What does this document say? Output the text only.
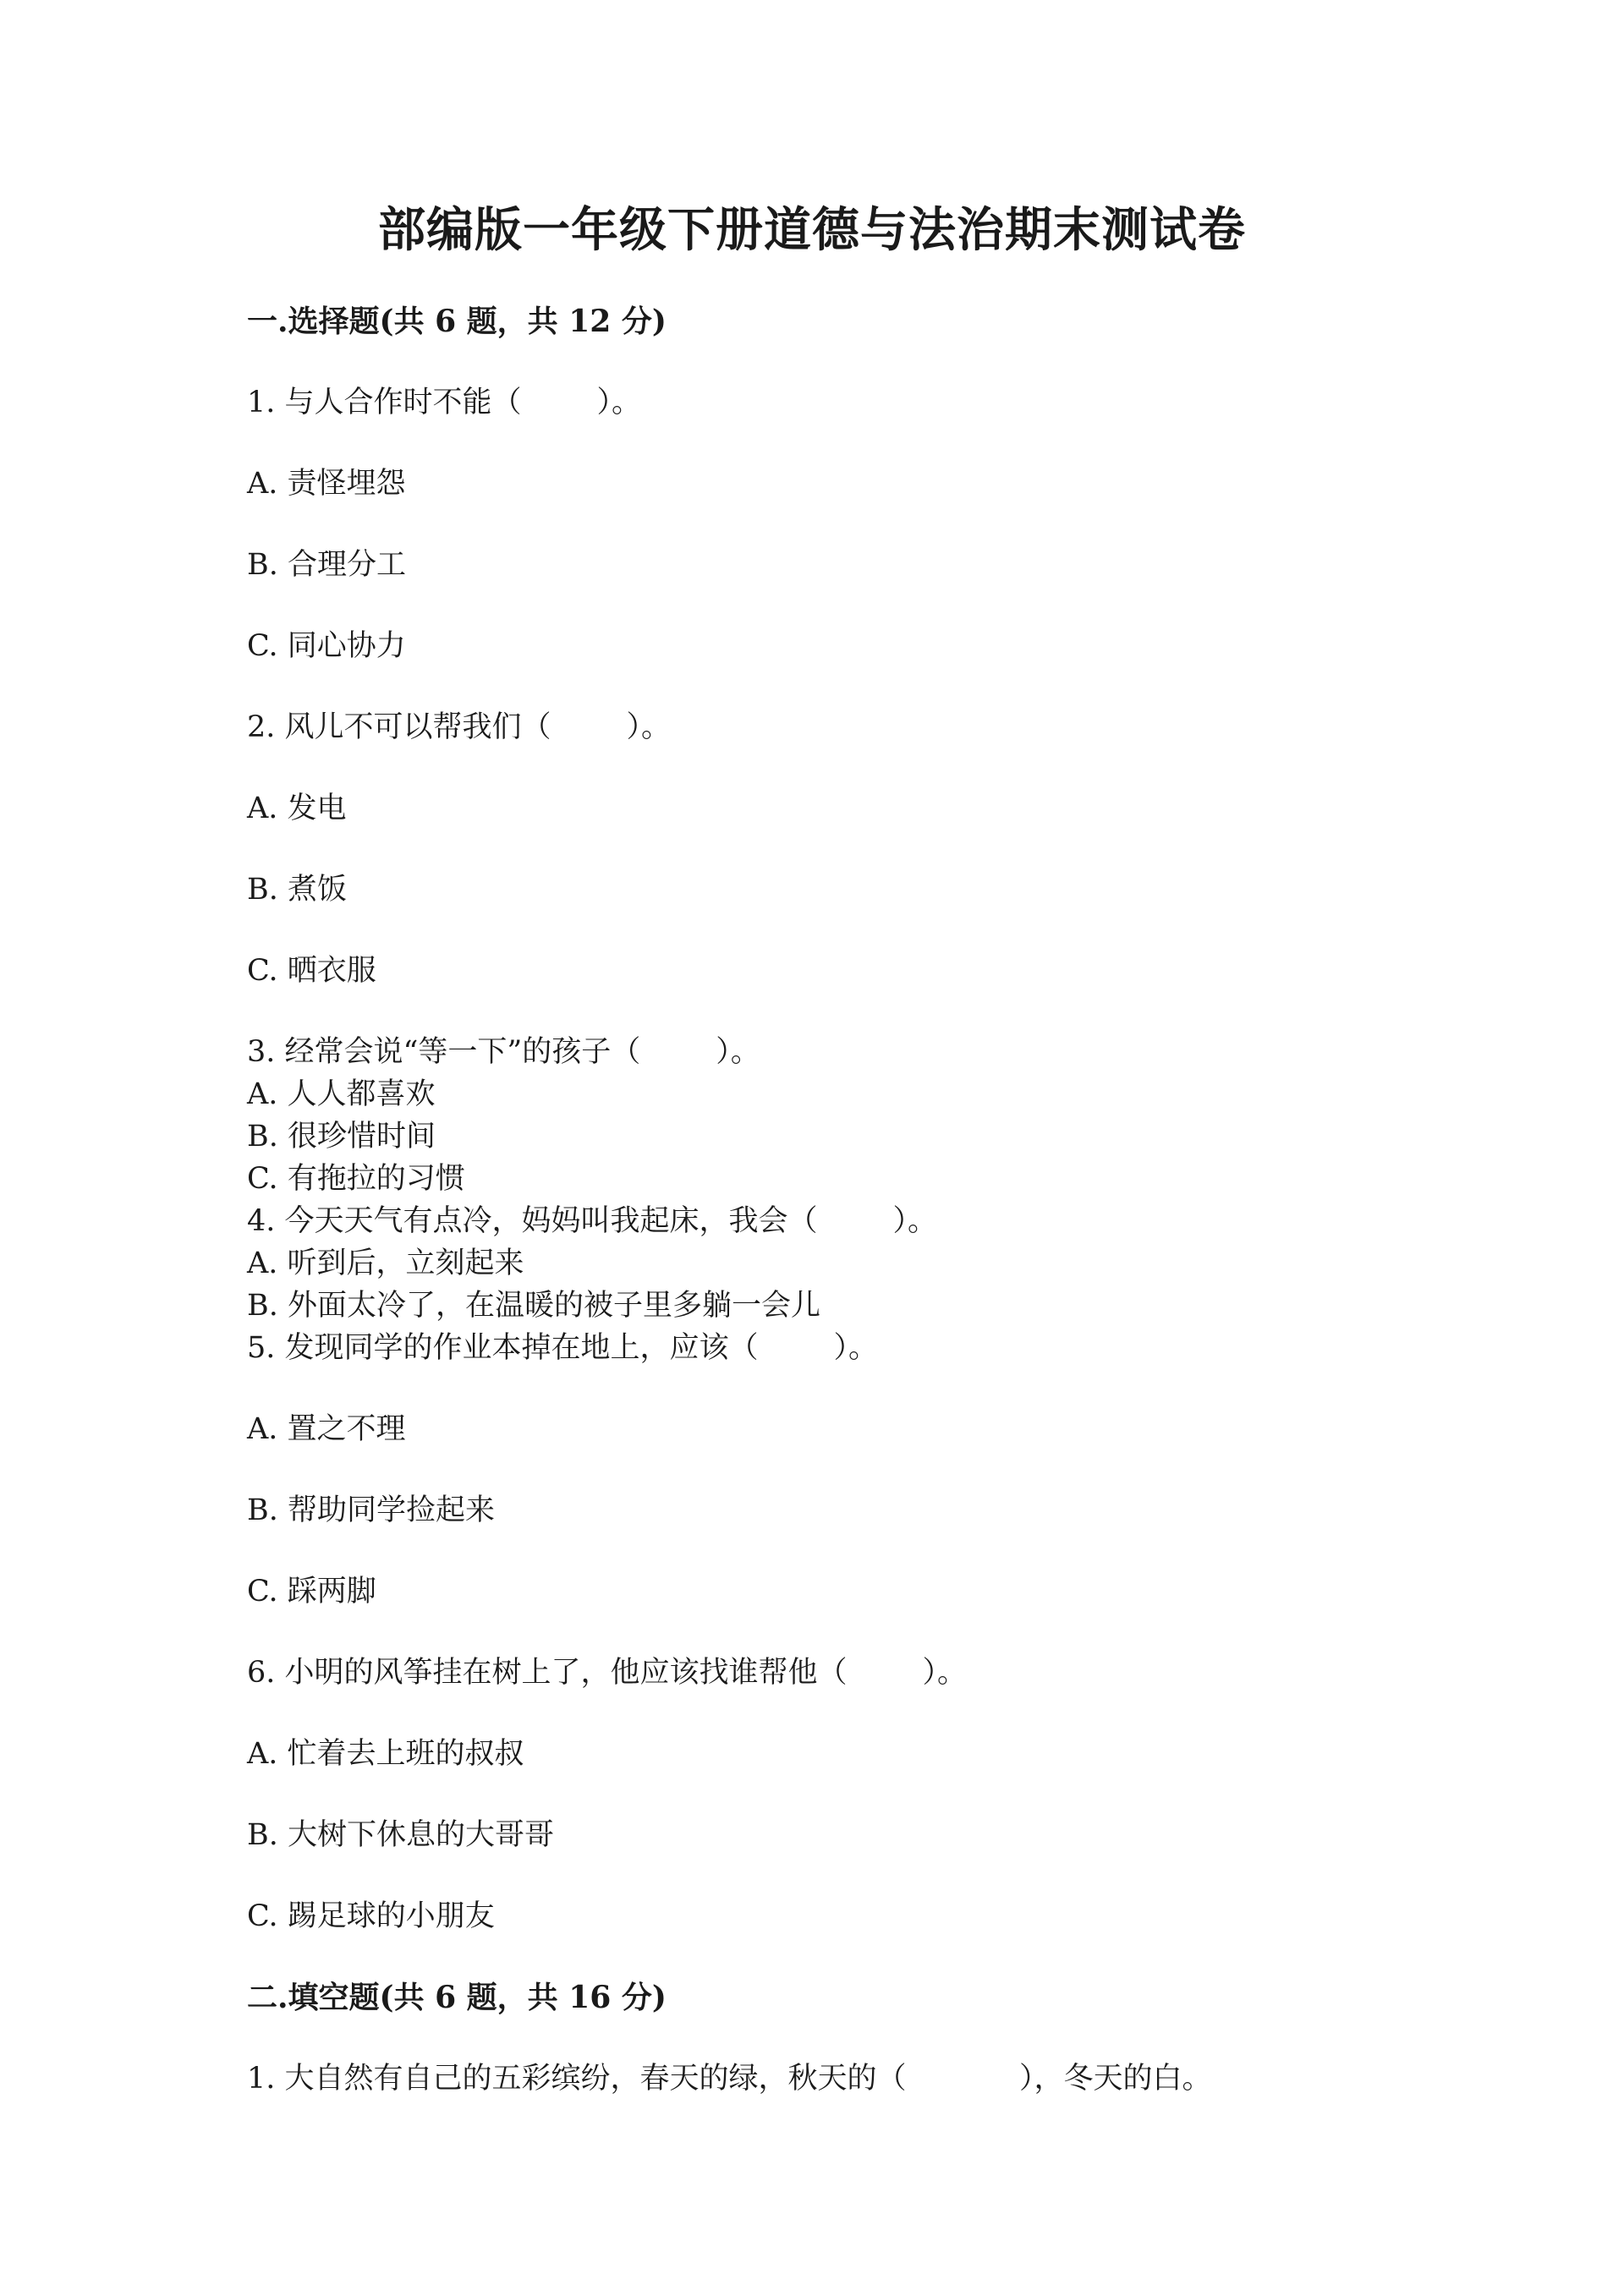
部编版一年级下册道德与法治期末测试卷
一.选择题(共 6 题，共 12 分)
1. 与人合作时不能（        ）。
A. 责怪埋怨
B. 合理分工
C. 同心协力
2. 风儿不可以帮我们（        ）。
A. 发电
B. 煮饭
C. 晒衣服
3. 经常会说“等一下”的孩子（        ）。
A. 人人都喜欢
B. 很珍惜时间
C. 有拖拉的习惯
4. 今天天气有点冷，妈妈叫我起床，我会（        ）。
A. 听到后，立刻起来
B. 外面太冷了，在温暖的被子里多躺一会儿
5. 发现同学的作业本掉在地上，应该（        ）。
A. 置之不理
B. 帮助同学捡起来
C. 踩两脚
6. 小明的风筝挂在树上了，他应该找谁帮他（        ）。
A. 忙着去上班的叔叔
B. 大树下休息的大哥哥
C. 踢足球的小朋友
二.填空题(共 6 题，共 16 分)
1. 大自然有自己的五彩缤纷，春天的绿，秋天的（            ），冬天的白。
